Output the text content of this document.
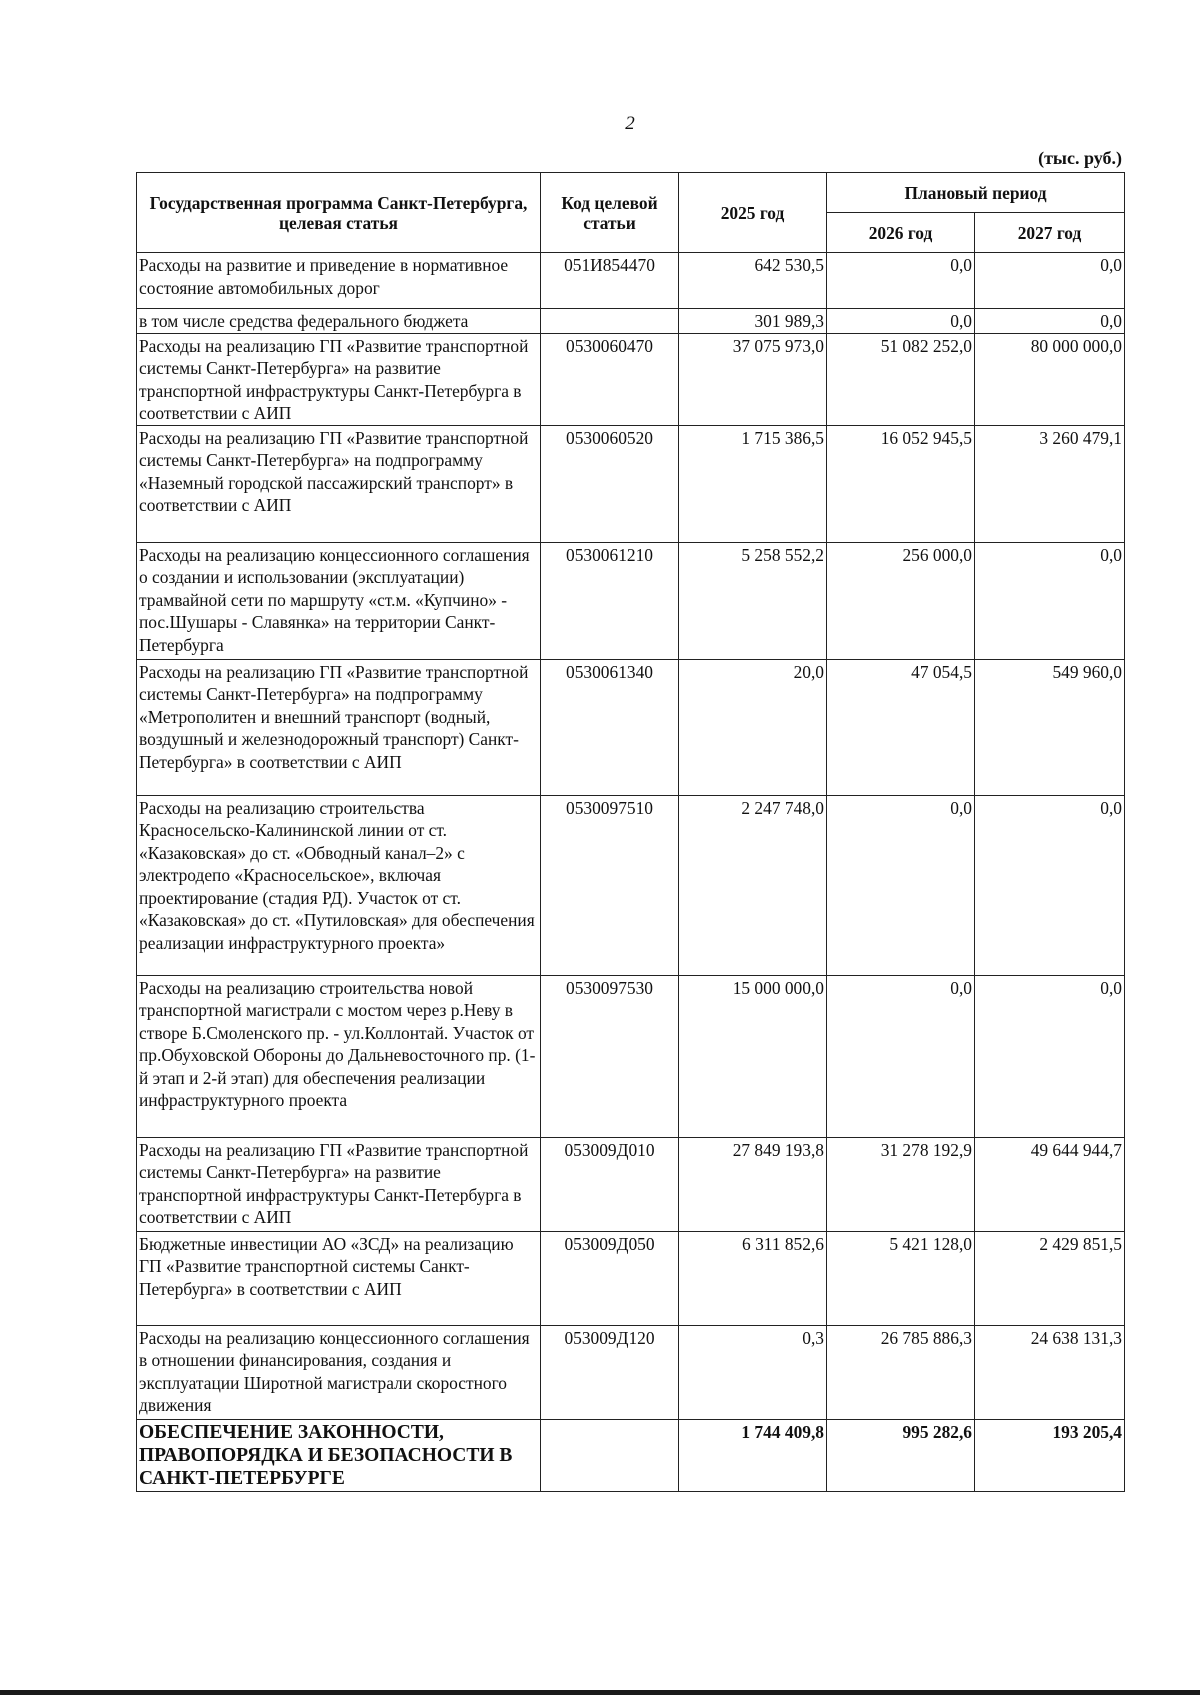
2
(тыс. руб.)
Государственная программа Санкт-Петербурга, целевая статья	Код целевой статьи	2025 год	Плановый период	
			2026 год	2027 год
Расходы на развитие и приведение в нормативное состояние автомобильных дорог	051И854470	642 530,5	0,0	0,0
в том числе средства федерального бюджета		301 989,3	0,0	0,0
Расходы на реализацию ГП «Развитие транспортной системы Санкт-Петербурга» на развитие транспортной инфраструктуры Санкт-Петербурга в соответствии с АИП	0530060470	37 075 973,0	51 082 252,0	80 000 000,0
Расходы на реализацию ГП «Развитие транспортной системы Санкт-Петербурга» на подпрограмму «Наземный городской пассажирский транспорт» в соответствии с АИП	0530060520	1 715 386,5	16 052 945,5	3 260 479,1
Расходы на реализацию концессионного соглашения о создании и использовании (эксплуатации) трамвайной сети по маршруту «ст.м. «Купчино» - пос.Шушары - Славянка» на территории Санкт-Петербурга	0530061210	5 258 552,2	256 000,0	0,0
Расходы на реализацию ГП «Развитие транспортной системы Санкт-Петербурга» на подпрограмму «Метрополитен и внешний транспорт (водный, воздушный и железнодорожный транспорт) Санкт-Петербурга» в соответствии с АИП	0530061340	20,0	47 054,5	549 960,0
Расходы на реализацию строительства Красносельско-Калининской линии от ст. «Казаковская» до ст. «Обводный канал–2» с электродепо «Красносельское», включая проектирование (стадия РД). Участок от ст. «Казаковская» до ст. «Путиловская» для обеспечения реализации инфраструктурного проекта»	0530097510	2 247 748,0	0,0	0,0
Расходы на реализацию строительства новой транспортной магистрали с мостом через р.Неву в створе Б.Смоленского пр. - ул.Коллонтай. Участок от пр.Обуховской Обороны до Дальневосточного пр. (1-й этап и 2-й этап) для обеспечения реализации инфраструктурного проекта	0530097530	15 000 000,0	0,0	0,0
Расходы на реализацию ГП «Развитие транспортной системы Санкт-Петербурга» на развитие транспортной инфраструктуры Санкт-Петербурга в соответствии с АИП	053009Д010	27 849 193,8	31 278 192,9	49 644 944,7
Бюджетные инвестиции АО «ЗСД» на реализацию ГП «Развитие транспортной системы Санкт-Петербурга» в соответствии с АИП	053009Д050	6 311 852,6	5 421 128,0	2 429 851,5
Расходы на реализацию концессионного соглашения в отношении финансирования, создания и эксплуатации Широтной магистрали скоростного движения	053009Д120	0,3	26 785 886,3	24 638 131,3
ОБЕСПЕЧЕНИЕ ЗАКОННОСТИ, ПРАВОПОРЯДКА И БЕЗОПАСНОСТИ В САНКТ-ПЕТЕРБУРГЕ		1 744 409,8	995 282,6	193 205,4
